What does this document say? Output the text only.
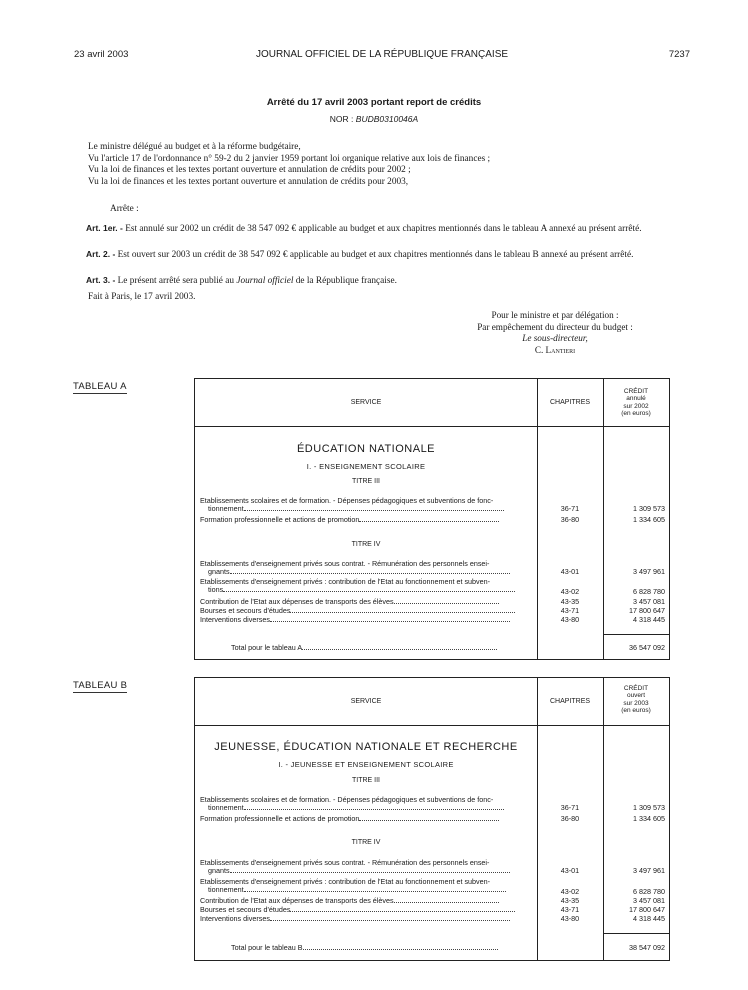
23 avril 2003	JOURNAL OFFICIEL DE LA RÉPUBLIQUE FRANÇAISE	7237
Arrêté du 17 avril 2003 portant report de crédits
NOR : BUDB0310046A

Le ministre délégué au budget et à la réforme budgétaire,

Vu l'article 17 de l'ordonnance n° 59-2 du 2 janvier 1959 portant loi organique relative aux lois de finances ;

Vu la loi de finances et les textes portant ouverture et annulation de crédits pour 2002 ;

Vu la loi de finances et les textes portant ouverture et annulation de crédits pour 2003,

Arrête :

Art. 1er. - Est annulé sur 2002 un crédit de 38 547 092 € applicable au budget et aux chapitres mentionnés dans le tableau A annexé au présent arrêté.

Art. 2. - Est ouvert sur 2003 un crédit de 38 547 092 € applicable au budget et aux chapitres mentionnés dans le tableau B annexé au présent arrêté.

Art. 3. - Le présent arrêté sera publié au Journal officiel de la République française.

Fait à Paris, le 17 avril 2003.
Pour le ministre et par délégation :
Par empêchement du directeur du budget :
Le sous-directeur,
C. Lantieri
TABLEAU A
SERVICE	CHAPITRES
CRÉDIT
annulé
sur 2002
(en euros)
ÉDUCATION NATIONALE
I. - ENSEIGNEMENT SCOLAIRE
TITRE III
Etablissements scolaires et de formation. - Dépenses pédagogiques et subventions de fonc-
tionnement	36-71	1 309 573
Formation professionnelle et actions de promotion	36-80	1 334 605
TITRE IV
Etablissements d'enseignement privés sous contrat. - Rémunération des personnels ensei-
gnants	43-01	3 497 961
Etablissements d'enseignement privés : contribution de l'Etat au fonctionnement et subven-
tions	43-02	6 828 780
Contribution de l'Etat aux dépenses de transports des élèves	43-35	3 457 081
Bourses et secours d'études	43-71	17 800 647
Interventions diverses	43-80	4 318 445
Total pour le tableau A	36 547 092
TABLEAU B
SERVICE	CHAPITRES
CRÉDIT
ouvert
sur 2003
(en euros)
JEUNESSE, ÉDUCATION NATIONALE ET RECHERCHE
I. - JEUNESSE ET ENSEIGNEMENT SCOLAIRE
TITRE III
Etablissements scolaires et de formation. - Dépenses pédagogiques et subventions de fonc-
tionnement	36-71	1 309 573
Formation professionnelle et actions de promotion	36-80	1 334 605
TITRE IV
Etablissements d'enseignement privés sous contrat. - Rémunération des personnels ensei-
gnants	43-01	3 497 961
Etablissements d'enseignement privés : contribution de l'Etat au fonctionnement et subven-
tionnement	43-02	6 828 780
Contribution de l'Etat aux dépenses de transports des élèves	43-35	3 457 081
Bourses et secours d'études	43-71	17 800 647
Interventions diverses	43-80	4 318 445
Total pour le tableau B	38 547 092
